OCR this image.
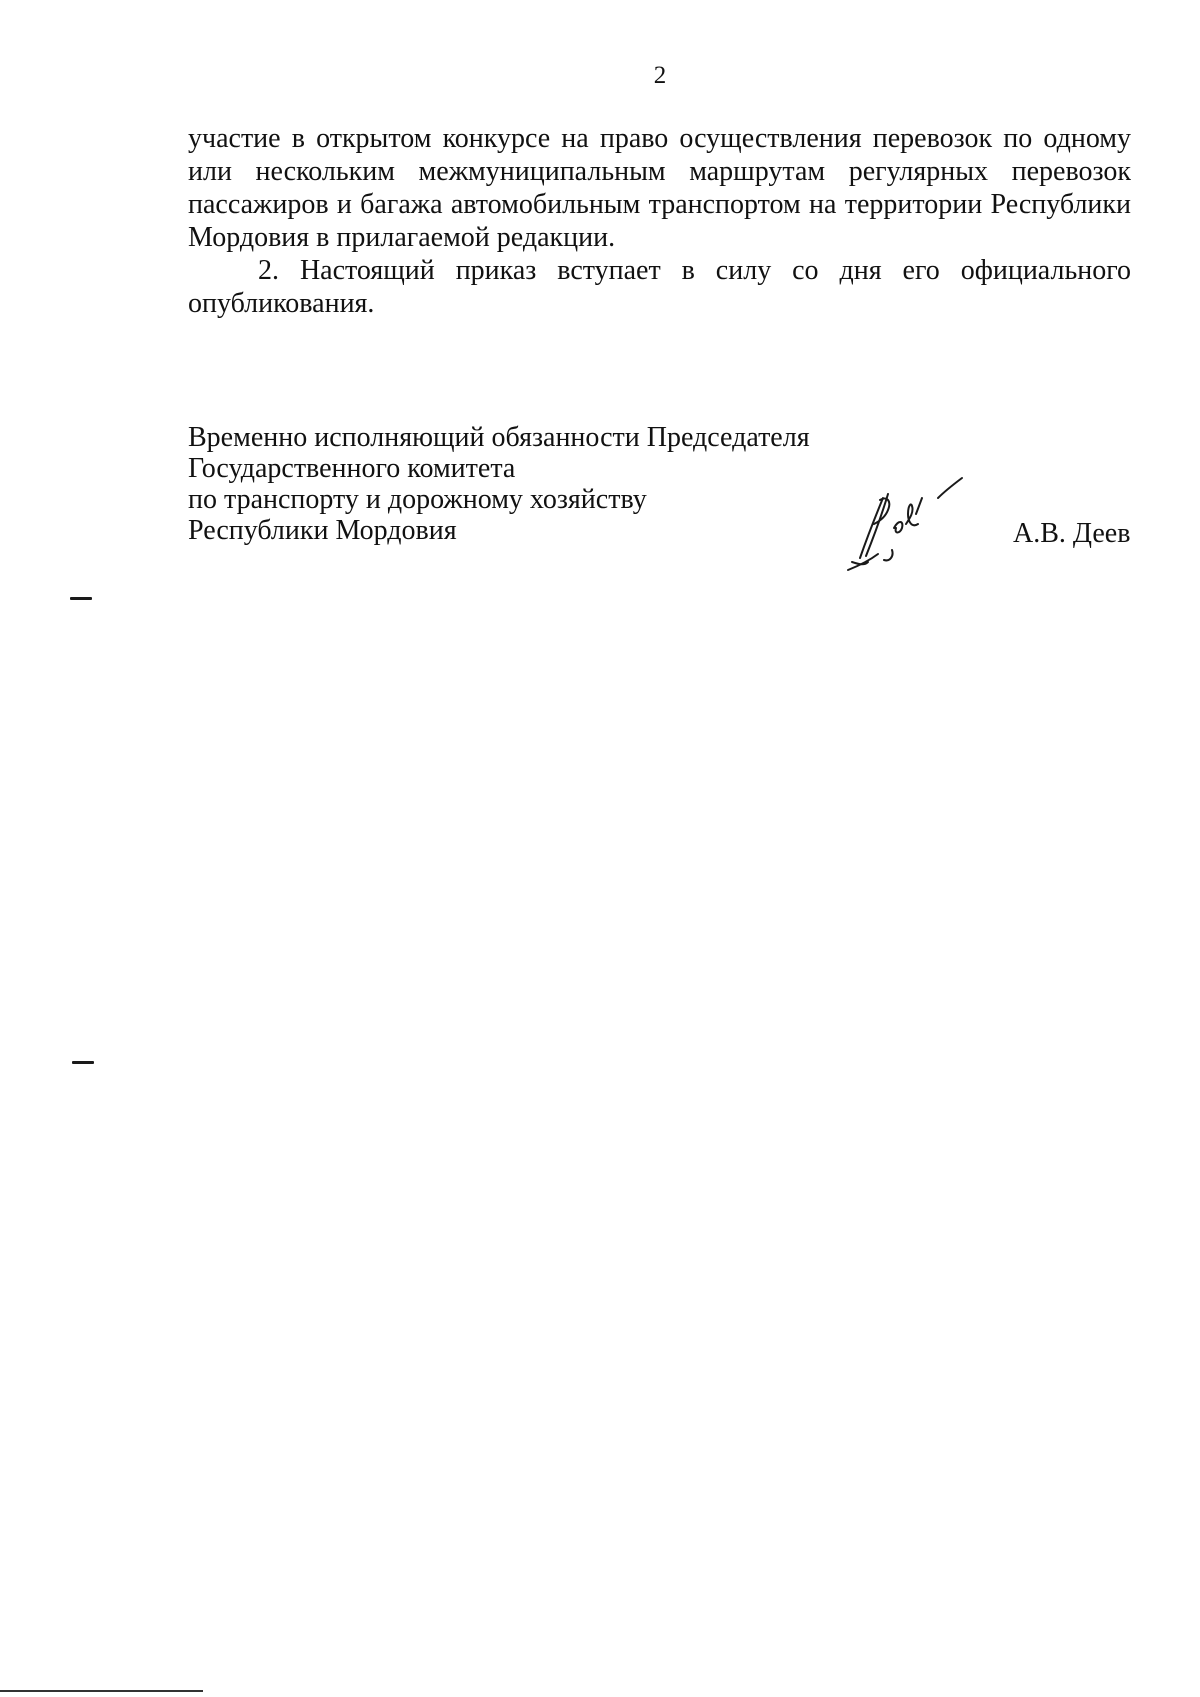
2

участие в открытом конкурсе на право осуществления перевозок по одному или нескольким межмуниципальным маршрутам регулярных перевозок пассажиров и багажа автомобильным транспортом на территории Республики Мордовия в прилагаемой редакции.

2. Настоящий приказ вступает в силу со дня его официального опубликования.

Временно исполняющий обязанности Председателя
Государственного комитета
по транспорту и дорожному хозяйству
Республики Мордовия	А.В. Деев
